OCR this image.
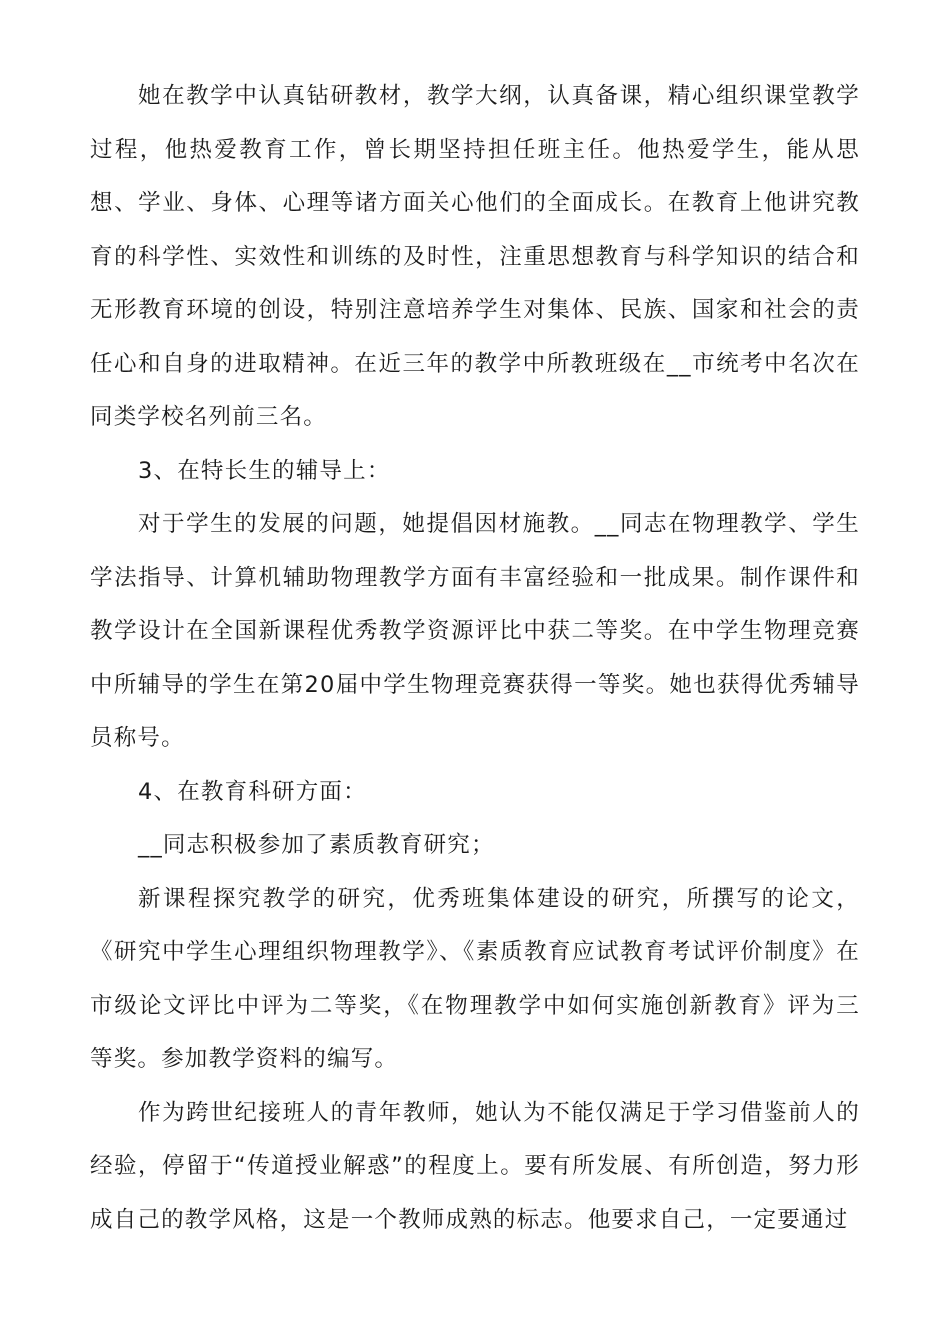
她在教学中认真钻研教材，教学大纲，认真备课，精心组织课堂教学过程，他热爱教育工作，曾长期坚持担任班主任。他热爱学生，能从思想、学业、身体、心理等诸方面关心他们的全面成长。在教育上他讲究教育的科学性、实效性和训练的及时性，注重思想教育与科学知识的结合和无形教育环境的创设，特别注意培养学生对集体、民族、国家和社会的责任心和自身的进取精神。在近三年的教学中所教班级在__市统考中名次在同类学校名列前三名。

3、在特长生的辅导上：

对于学生的发展的问题，她提倡因材施教。__同志在物理教学、学生学法指导、计算机辅助物理教学方面有丰富经验和一批成果。制作课件和教学设计在全国新课程优秀教学资源评比中获二等奖。在中学生物理竞赛中所辅导的学生在第20届中学生物理竞赛获得一等奖。她也获得优秀辅导员称号。

4、在教育科研方面：

__同志积极参加了素质教育研究；

新课程探究教学的研究，优秀班集体建设的研究，所撰写的论文，《研究中学生心理组织物理教学》、《素质教育应试教育考试评价制度》在市级论文评比中评为二等奖，《在物理教学中如何实施创新教育》评为三等奖。参加教学资料的编写。

作为跨世纪接班人的青年教师，她认为不能仅满足于学习借鉴前人的经验，停留于“传道授业解惑”的程度上。要有所发展、有所创造，努力形成自己的教学风格，这是一个教师成熟的标志。他要求自己，一定要通过
